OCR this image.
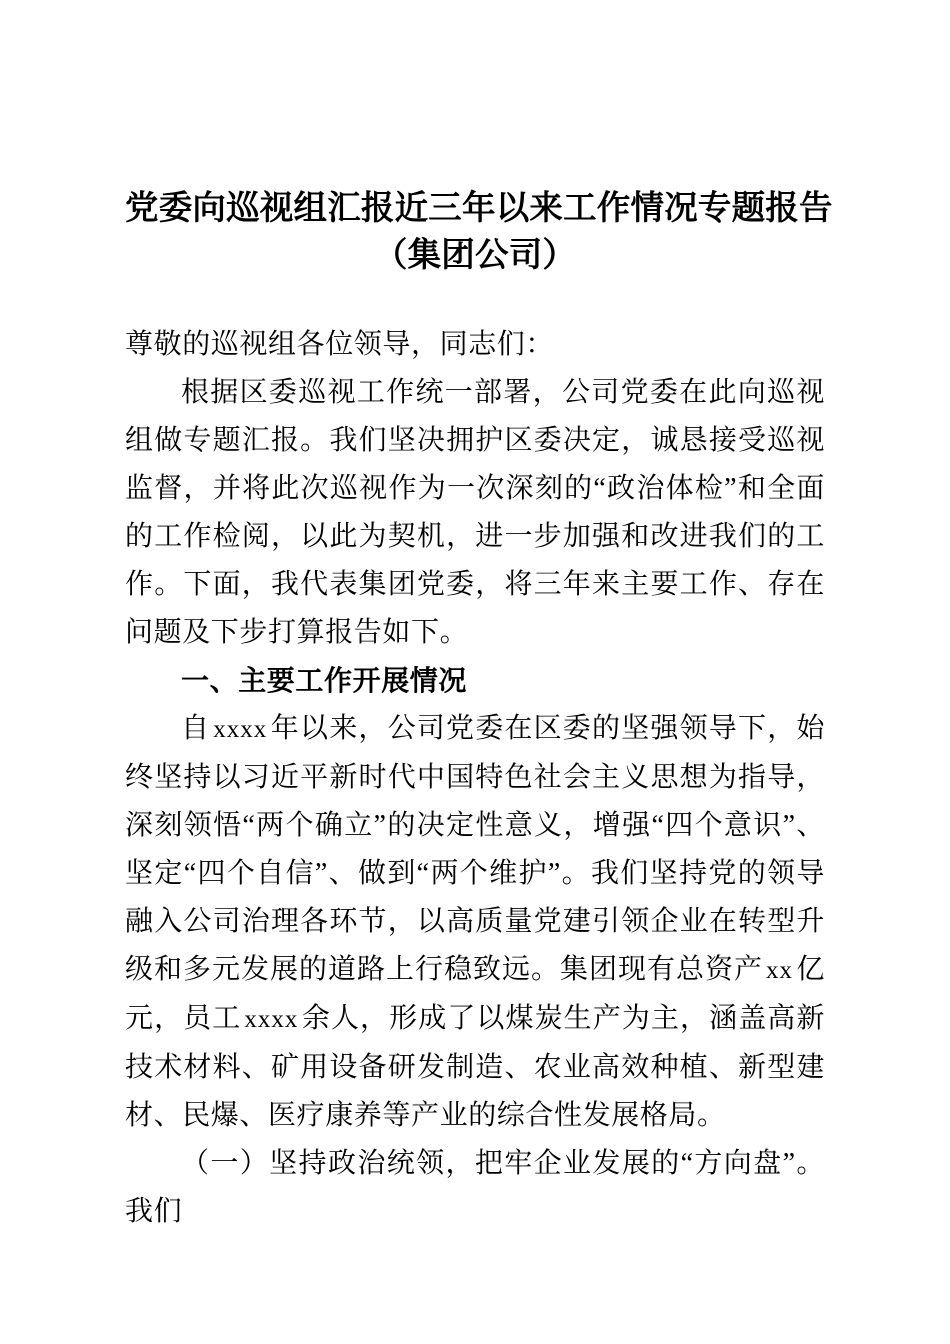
党委向巡视组汇报近三年以来工作情况专题报告
（集团公司）

尊敬的巡视组各位领导，同志们：

根据区委巡视工作统一部署，公司党委在此向巡视组做专题汇报。我们坚决拥护区委决定，诚恳接受巡视监督，并将此次巡视作为一次深刻的“政治体检”和全面的工作检阅，以此为契机，进一步加强和改进我们的工作。下面，我代表集团党委，将三年来主要工作、存在问题及下步打算报告如下。

一、主要工作开展情况

自 xxxx 年以来，公司党委在区委的坚强领导下，始终坚持以习近平新时代中国特色社会主义思想为指导，深刻领悟“两个确立”的决定性意义，增强“四个意识”、坚定“四个自信”、做到“两个维护”。我们坚持党的领导融入公司治理各环节，以高质量党建引领企业在转型升级和多元发展的道路上行稳致远。集团现有总资产 xx 亿元，员工 xxxx 余人，形成了以煤炭生产为主，涵盖高新技术材料、矿用设备研发制造、农业高效种植、新型建材、民爆、医疗康养等产业的综合性发展格局。

（一）坚持政治统领，把牢企业发展的“方向盘”。我们
